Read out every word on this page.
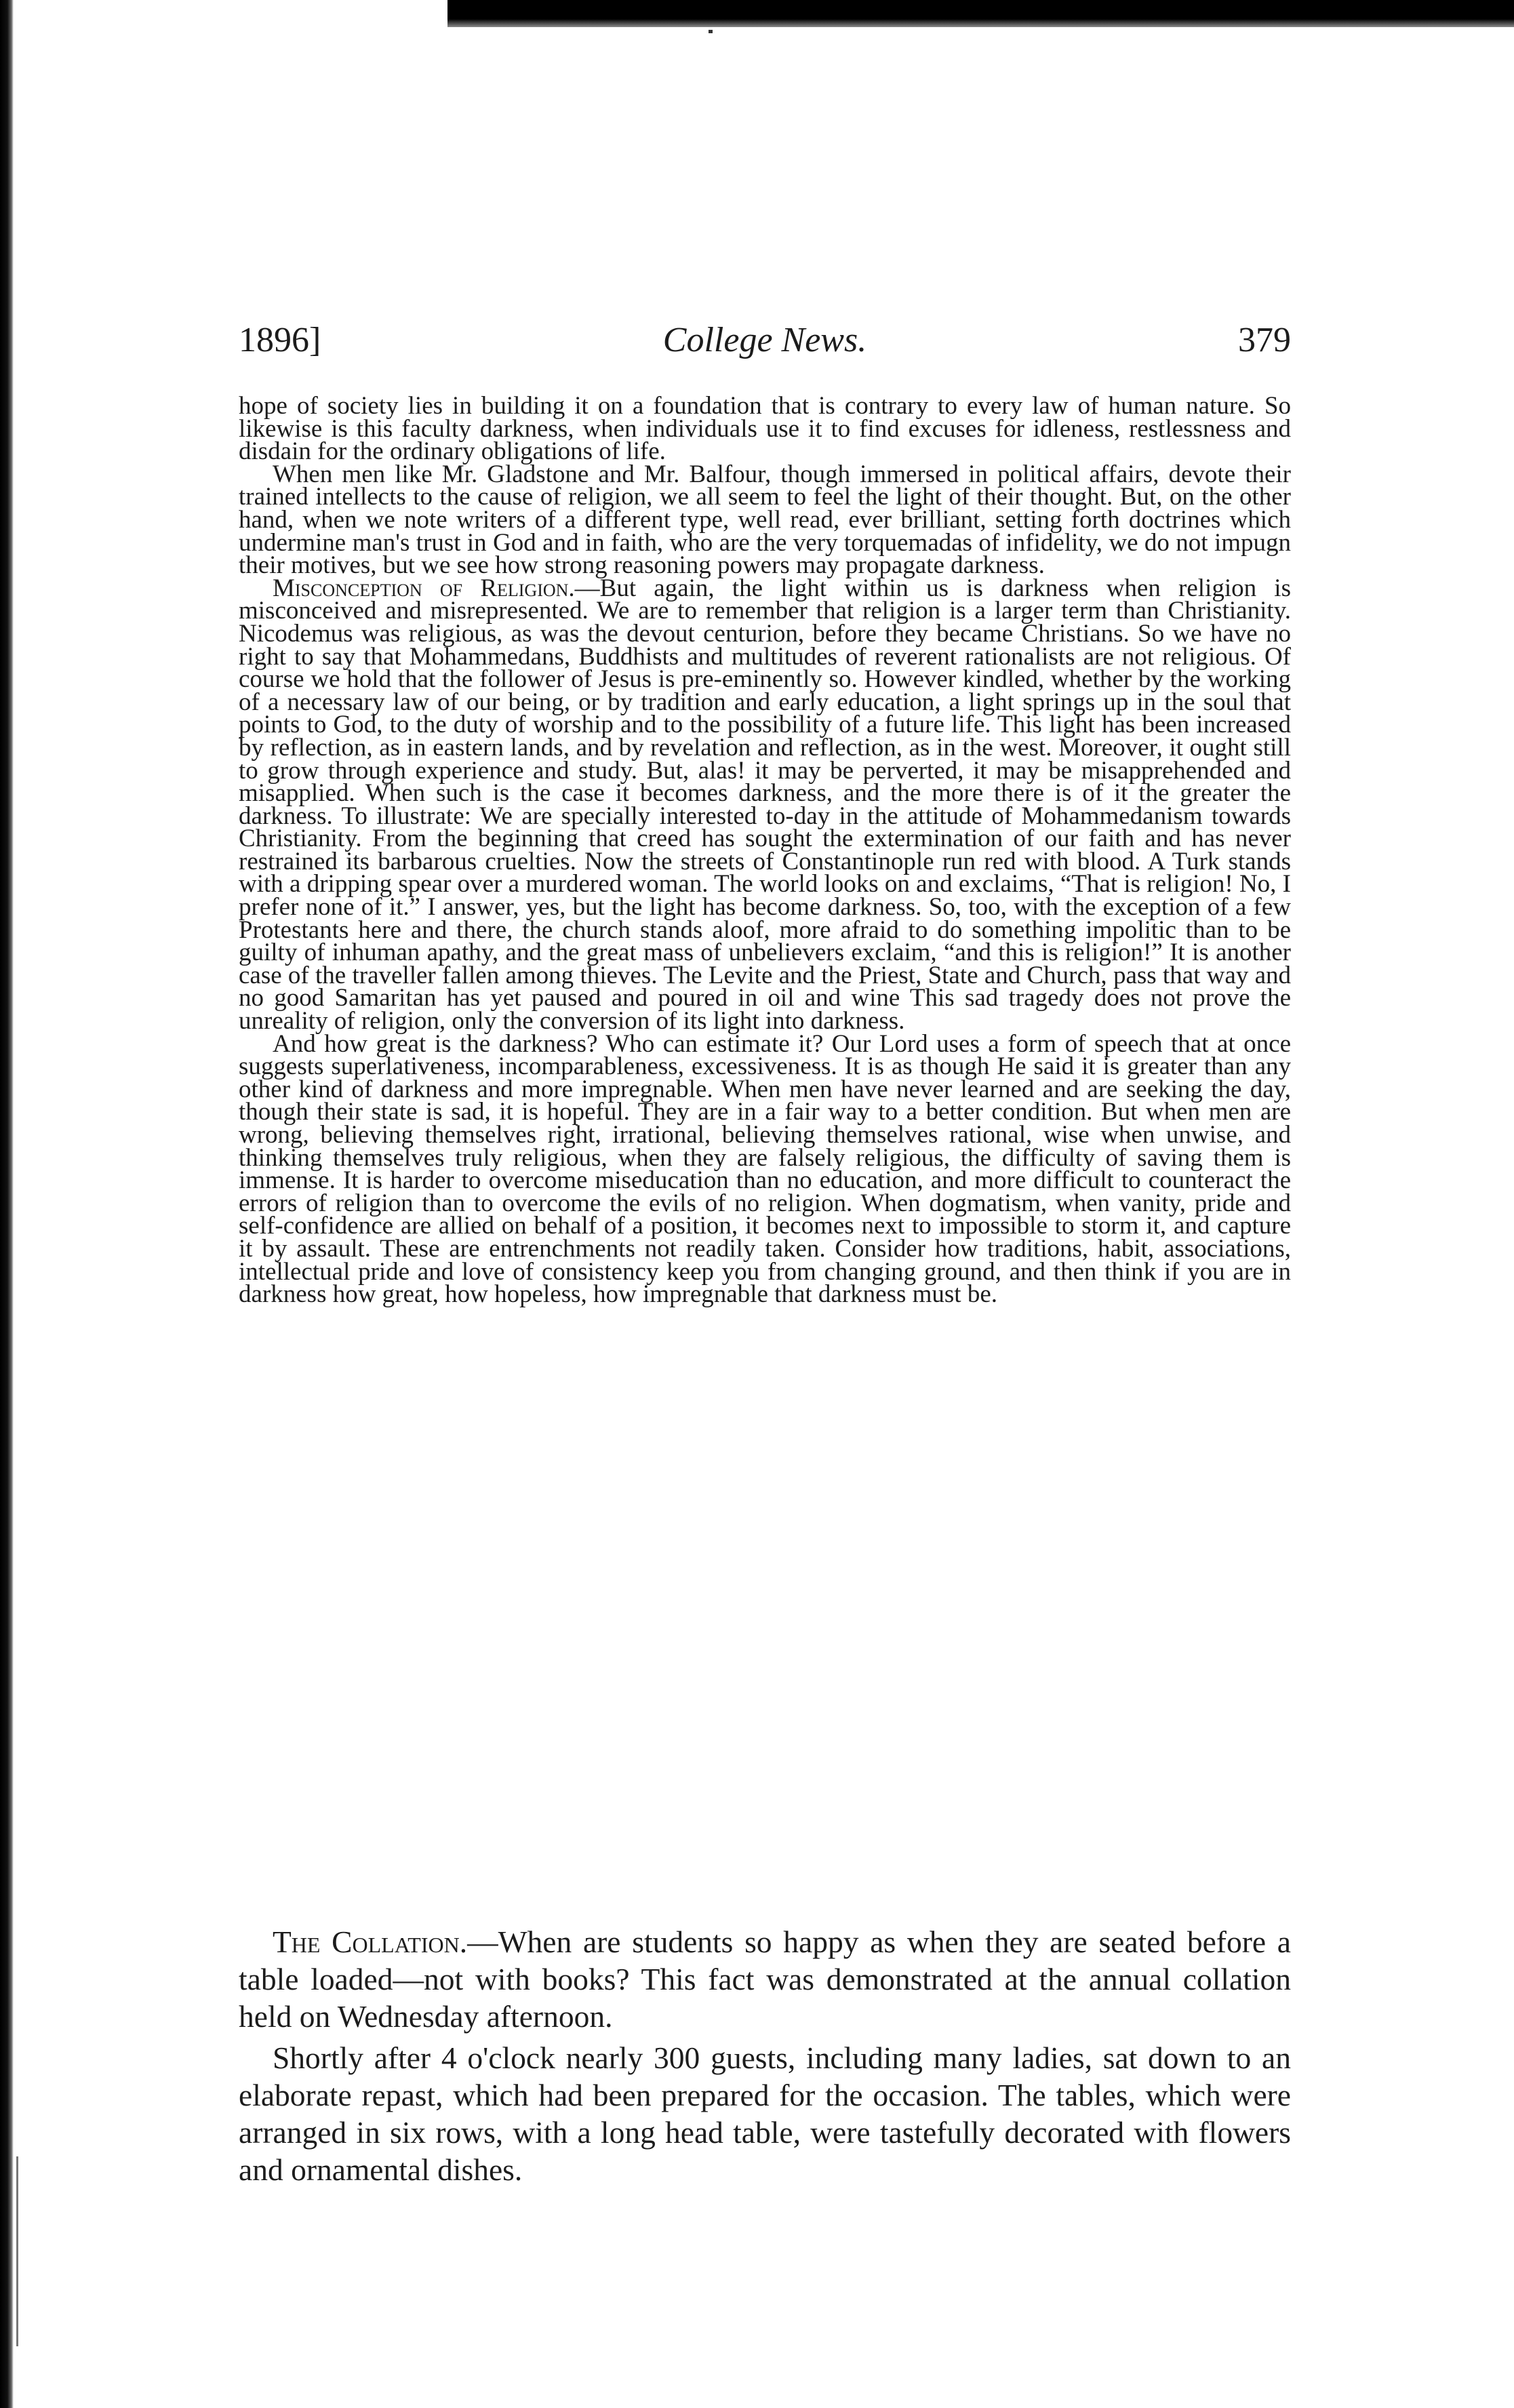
1896]	College News.	379

hope of society lies in building it on a foundation that is contrary to every law of human nature. So likewise is this faculty darkness, when individuals use it to find excuses for idleness, restlessness and disdain for the ordinary obligations of life.

When men like Mr. Gladstone and Mr. Balfour, though immersed in political affairs, devote their trained intellects to the cause of religion, we all seem to feel the light of their thought. But, on the other hand, when we note writers of a different type, well read, ever brilliant, setting forth doctrines which undermine man's trust in God and in faith, who are the very torquemadas of infidelity, we do not impugn their motives, but we see how strong reasoning powers may propagate darkness.

Misconception of Religion.—But again, the light within us is darkness when religion is misconceived and misrepresented. We are to remember that religion is a larger term than Christianity. Nicodemus was religious, as was the devout centurion, before they became Christians. So we have no right to say that Mohammedans, Buddhists and multitudes of reverent rationalists are not religious. Of course we hold that the follower of Jesus is pre-eminently so. However kindled, whether by the working of a necessary law of our being, or by tradition and early education, a light springs up in the soul that points to God, to the duty of worship and to the possibility of a future life. This light has been increased by reflection, as in eastern lands, and by revelation and reflection, as in the west. Moreover, it ought still to grow through experience and study. But, alas! it may be perverted, it may be misapprehended and misapplied. When such is the case it becomes darkness, and the more there is of it the greater the darkness. To illustrate: We are specially interested to-day in the attitude of Mohammedanism towards Christianity. From the beginning that creed has sought the extermination of our faith and has never restrained its barbarous cruelties. Now the streets of Constantinople run red with blood. A Turk stands with a dripping spear over a murdered woman. The world looks on and exclaims, “That is religion! No, I prefer none of it.” I answer, yes, but the light has become darkness. So, too, with the exception of a few Protestants here and there, the church stands aloof, more afraid to do something impolitic than to be guilty of inhuman apathy, and the great mass of unbelievers exclaim, “and this is religion!” It is another case of the traveller fallen among thieves. The Levite and the Priest, State and Church, pass that way and no good Samaritan has yet paused and poured in oil and wine This sad tragedy does not prove the unreality of religion, only the conversion of its light into darkness.

And how great is the darkness? Who can estimate it? Our Lord uses a form of speech that at once suggests superlativeness, incomparableness, excessiveness. It is as though He said it is greater than any other kind of darkness and more impregnable. When men have never learned and are seeking the day, though their state is sad, it is hopeful. They are in a fair way to a better condition. But when men are wrong, believing themselves right, irrational, believing themselves rational, wise when unwise, and thinking themselves truly religious, when they are falsely religious, the difficulty of saving them is immense. It is harder to overcome miseducation than no education, and more difficult to counteract the errors of religion than to overcome the evils of no religion. When dogmatism, when vanity, pride and self-confidence are allied on behalf of a position, it becomes next to impossible to storm it, and capture it by assault. These are entrenchments not readily taken. Consider how traditions, habit, associations, intellectual pride and love of consistency keep you from changing ground, and then think if you are in darkness how great, how hopeless, how impregnable that darkness must be.

The Collation.—When are students so happy as when they are seated before a table loaded—not with books? This fact was demonstrated at the annual collation held on Wednesday afternoon.

Shortly after 4 o'clock nearly 300 guests, including many ladies, sat down to an elaborate repast, which had been prepared for the occasion. The tables, which were arranged in six rows, with a long head table, were tastefully decorated with flowers and ornamental dishes.
